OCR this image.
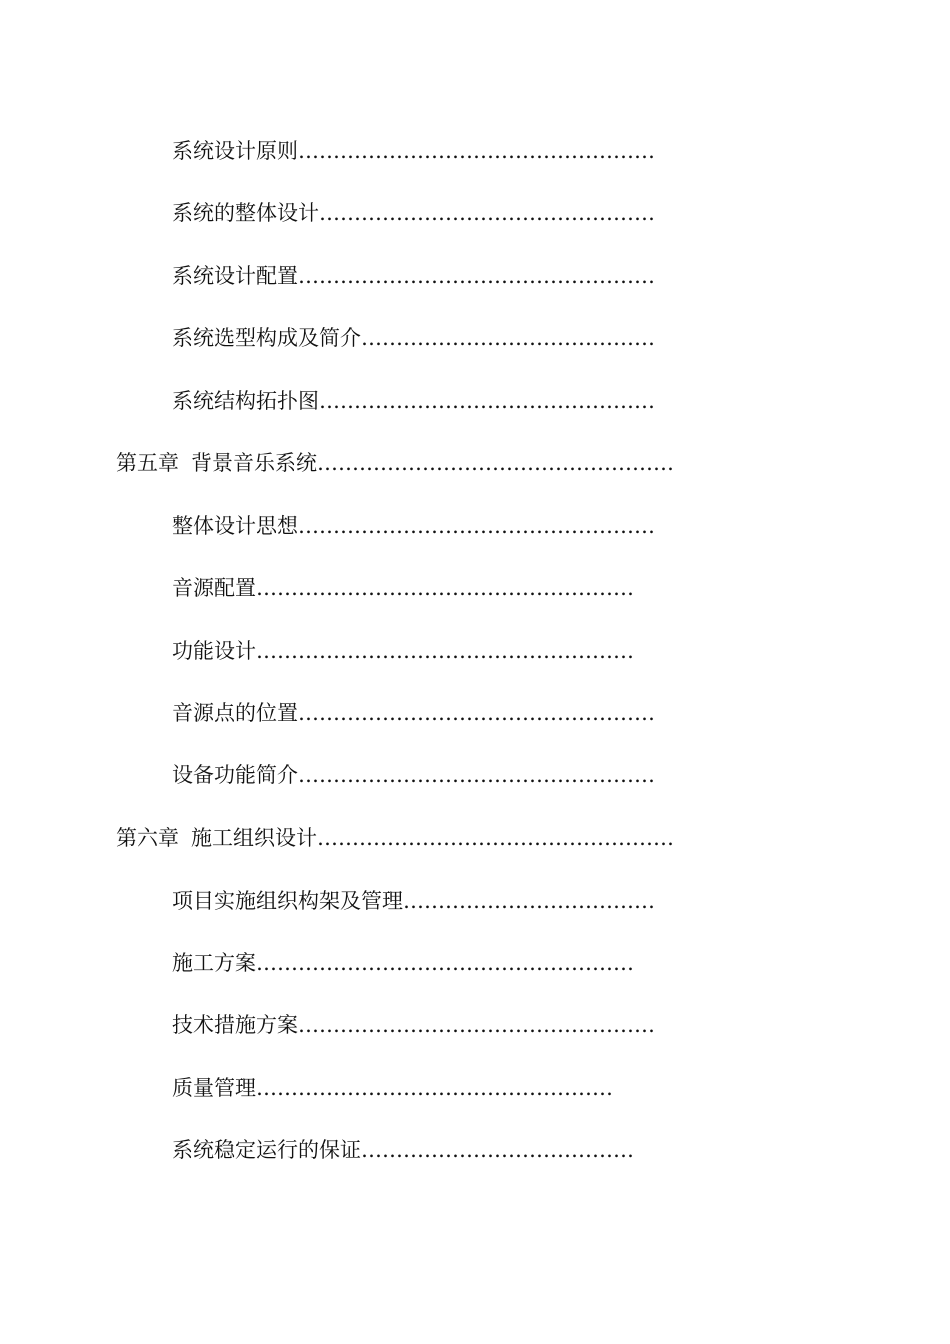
系统设计原则……………………………………………
系统的整体设计…………………………………………
系统设计配置……………………………………………
系统选型构成及简介……………………………………
系统结构拓扑图…………………………………………
第五章 背景音乐系统……………………………………………
整体设计思想……………………………………………
音源配置………………………………………………
功能设计………………………………………………
音源点的位置……………………………………………
设备功能简介……………………………………………
第六章 施工组织设计……………………………………………
项目实施组织构架及管理………………………………
施工方案………………………………………………
技术措施方案……………………………………………
质量管理……………………………………………
系统稳定运行的保证…………………………………
